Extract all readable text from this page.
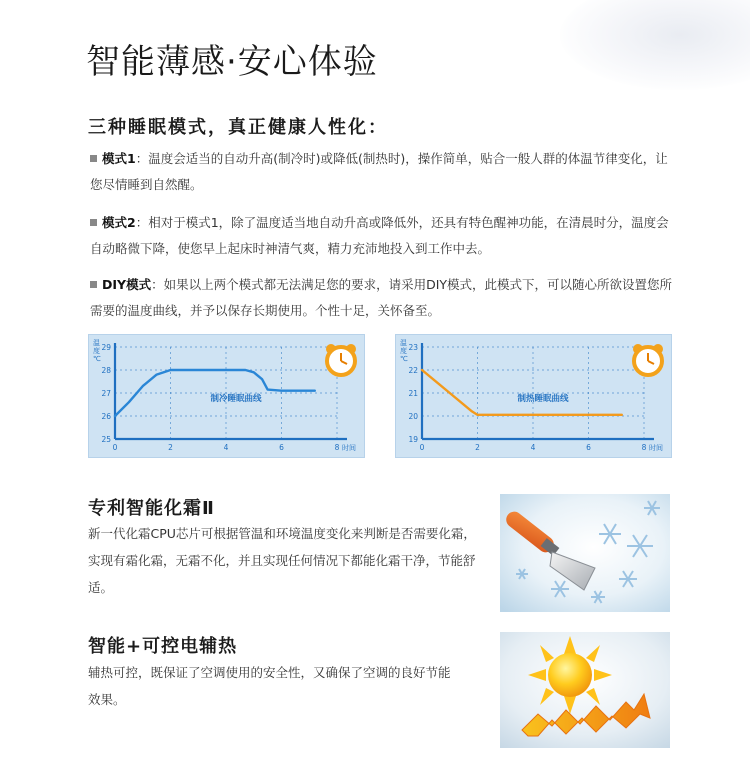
智能薄感·安心体验
三种睡眠模式，真正健康人性化：
模式1：温度会适当的自动升高(制冷时)或降低(制热时)，操作简单，贴合一般人群的体温节律变化，让
您尽情睡到自然醒。
模式2：相对于模式1，除了温度适当地自动升高或降低外，还具有特色醒神功能，在清晨时分，温度会
自动略微下降，使您早上起床时神清气爽，精力充沛地投入到工作中去。
DIY模式：如果以上两个模式都无法满足您的要求，请采用DIY模式，此模式下，可以随心所欲设置您所
需要的温度曲线，并予以保存长期使用。个性十足，关怀备至。
25
26
27
28
29
0	2	4	6	8 时间
温度℃
制冷睡眠曲线
19
20
21
22
23
0	2	4	6	8 时间
温度℃
制热睡眠曲线
专利智能化霜Ⅱ
新一代化霜CPU芯片可根据管温和环境温度变化来判断是否需要化霜，
实现有霜化霜，无霜不化，并且实现任何情况下都能化霜干净，节能舒适。
智能+可控电辅热
辅热可控，既保证了空调使用的安全性，又确保了空调的良好节能
效果。
